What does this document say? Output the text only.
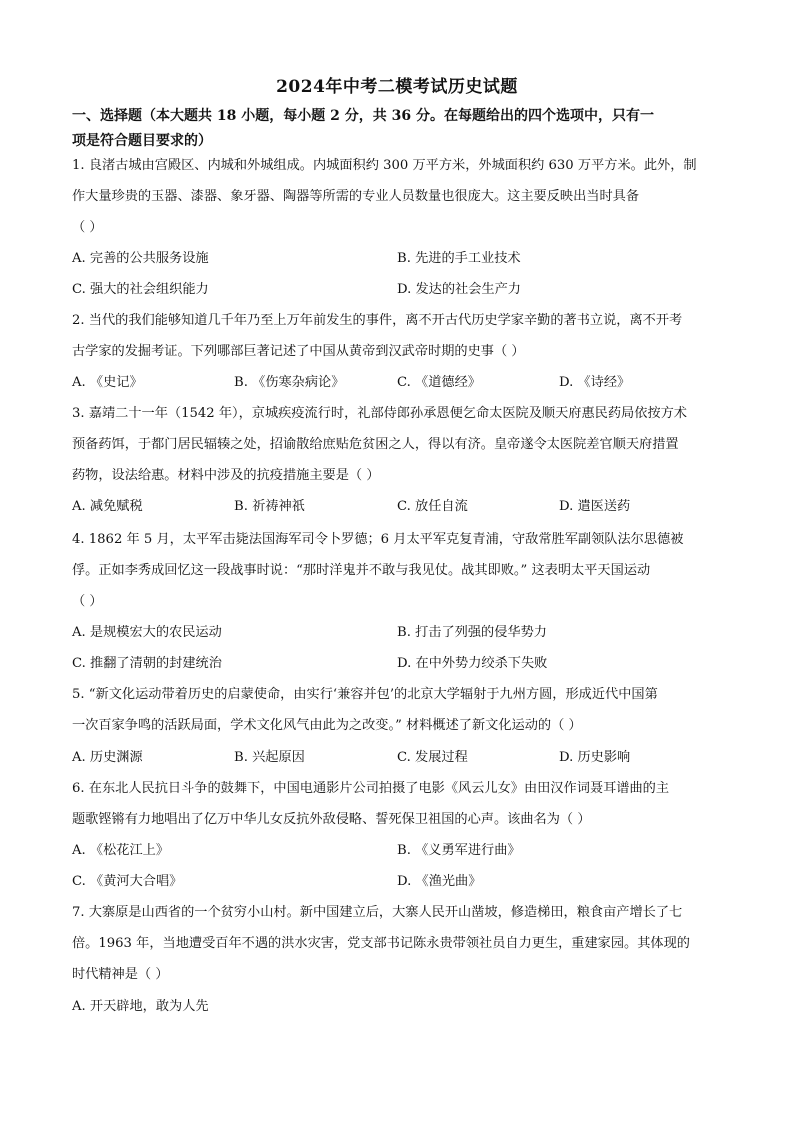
2024年中考二模考试历史试题
一、选择题（本大题共 18 小题，每小题 2 分，共 36 分。在每题给出的四个选项中，只有一
项是符合题目要求的）
1. 良渚古城由宫殿区、内城和外城组成。内城面积约 300 万平方米，外城面积约 630 万平方米。此外，制
作大量珍贵的玉器、漆器、象牙器、陶器等所需的专业人员数量也很庞大。这主要反映出当时具备
（ ）
A. 完善的公共服务设施	B. 先进的手工业技术
C. 强大的社会组织能力	D. 发达的社会生产力
2. 当代的我们能够知道几千年乃至上万年前发生的事件，离不开古代历史学家辛勤的著书立说，离不开考
古学家的发掘考证。下列哪部巨著记述了中国从黄帝到汉武帝时期的史事（ ）
A. 《史记》	B. 《伤寒杂病论》	C. 《道德经》	D. 《诗经》
3. 嘉靖二十一年（1542 年），京城疾疫流行时，礼部侍郎孙承恩便乞命太医院及顺天府惠民药局依按方术
预备药饵，于都门居民辐辏之处，招谕散给庶贴危贫困之人，得以有济。皇帝遂令太医院差官顺天府措置
药物，设法给惠。材料中涉及的抗疫措施主要是（ ）
A. 减免赋税	B. 祈祷神祇	C. 放任自流	D. 遣医送药
4. 1862 年 5 月，太平军击毙法国海军司令卜罗德；6 月太平军克复青浦，守敌常胜军副领队法尔思德被
俘。正如李秀成回忆这一段战事时说：“那时洋鬼并不敢与我见仗。战其即败。” 这表明太平天国运动
（ ）
A. 是规模宏大的农民运动	B. 打击了列强的侵华势力
C. 推翻了清朝的封建统治	D. 在中外势力绞杀下失败
5. “新文化运动带着历史的启蒙使命，由实行‘兼容并包’的北京大学辐射于九州方圆，形成近代中国第
一次百家争鸣的活跃局面，学术文化风气由此为之改变。” 材料概述了新文化运动的（ ）
A. 历史渊源	B. 兴起原因	C. 发展过程	D. 历史影响
6. 在东北人民抗日斗争的鼓舞下，中国电通影片公司拍摄了电影《风云儿女》由田汉作词聂耳谱曲的主
题歌铿锵有力地唱出了亿万中华儿女反抗外敌侵略、誓死保卫祖国的心声。该曲名为（ ）
A. 《松花江上》	B. 《义勇军进行曲》
C. 《黄河大合唱》	D. 《渔光曲》
7. 大寨原是山西省的一个贫穷小山村。新中国建立后，大寨人民开山凿坡，修造梯田，粮食亩产增长了七
倍。1963 年，当地遭受百年不遇的洪水灾害，党支部书记陈永贵带领社员自力更生，重建家园。其体现的
时代精神是（ ）
A. 开天辟地，敢为人先
